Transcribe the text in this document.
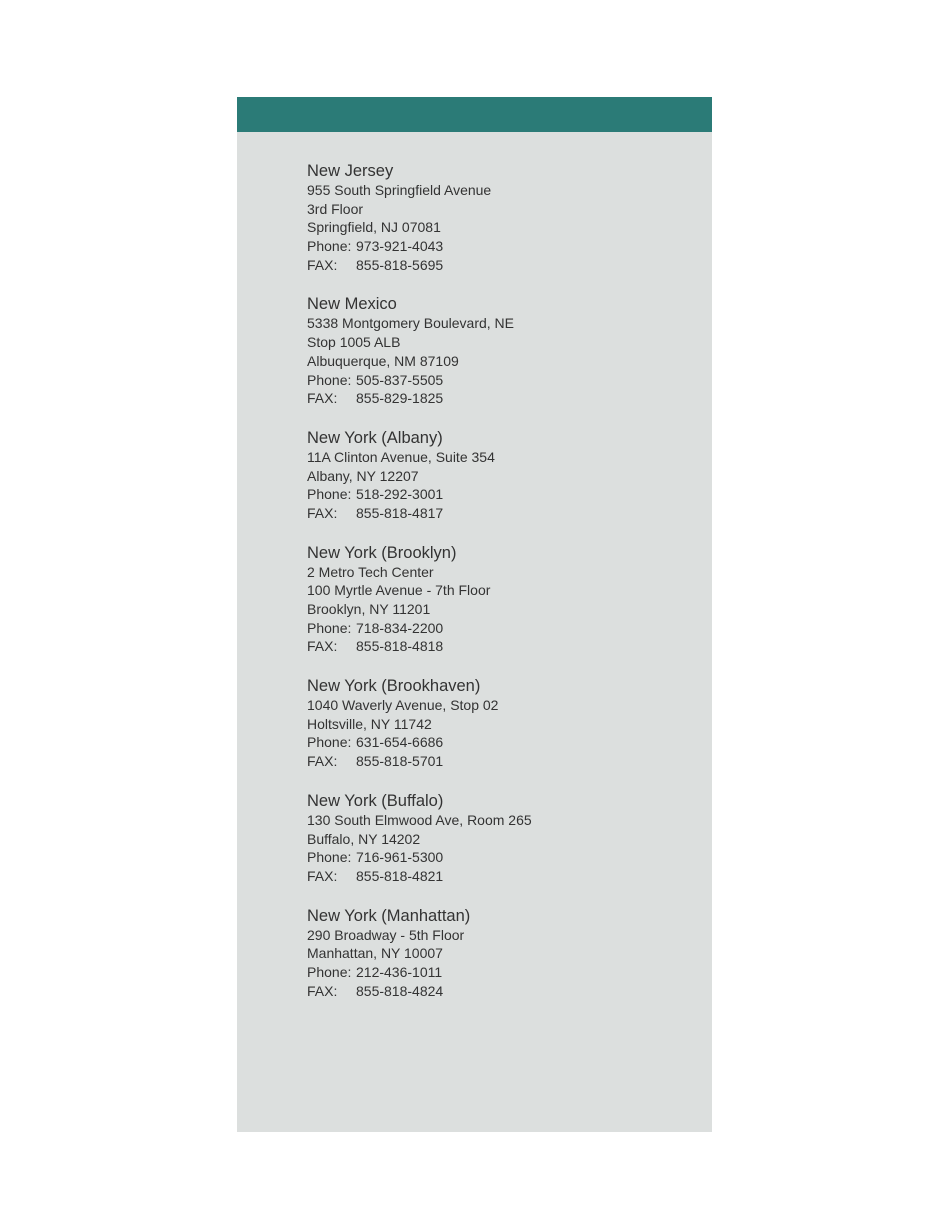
New Jersey
955 South Springfield Avenue
3rd Floor
Springfield, NJ 07081
Phone: 973-921-4043
FAX: 855-818-5695
New Mexico
5338 Montgomery Boulevard, NE
Stop 1005 ALB
Albuquerque, NM 87109
Phone: 505-837-5505
FAX: 855-829-1825
New York (Albany)
11A Clinton Avenue, Suite 354
Albany, NY 12207
Phone: 518-292-3001
FAX: 855-818-4817
New York (Brooklyn)
2 Metro Tech Center
100 Myrtle Avenue - 7th Floor
Brooklyn, NY 11201
Phone: 718-834-2200
FAX: 855-818-4818
New York (Brookhaven)
1040 Waverly Avenue, Stop 02
Holtsville, NY 11742
Phone: 631-654-6686
FAX: 855-818-5701
New York (Buffalo)
130 South Elmwood Ave, Room 265
Buffalo, NY 14202
Phone: 716-961-5300
FAX: 855-818-4821
New York (Manhattan)
290 Broadway - 5th Floor
Manhattan, NY 10007
Phone: 212-436-1011
FAX: 855-818-4824
